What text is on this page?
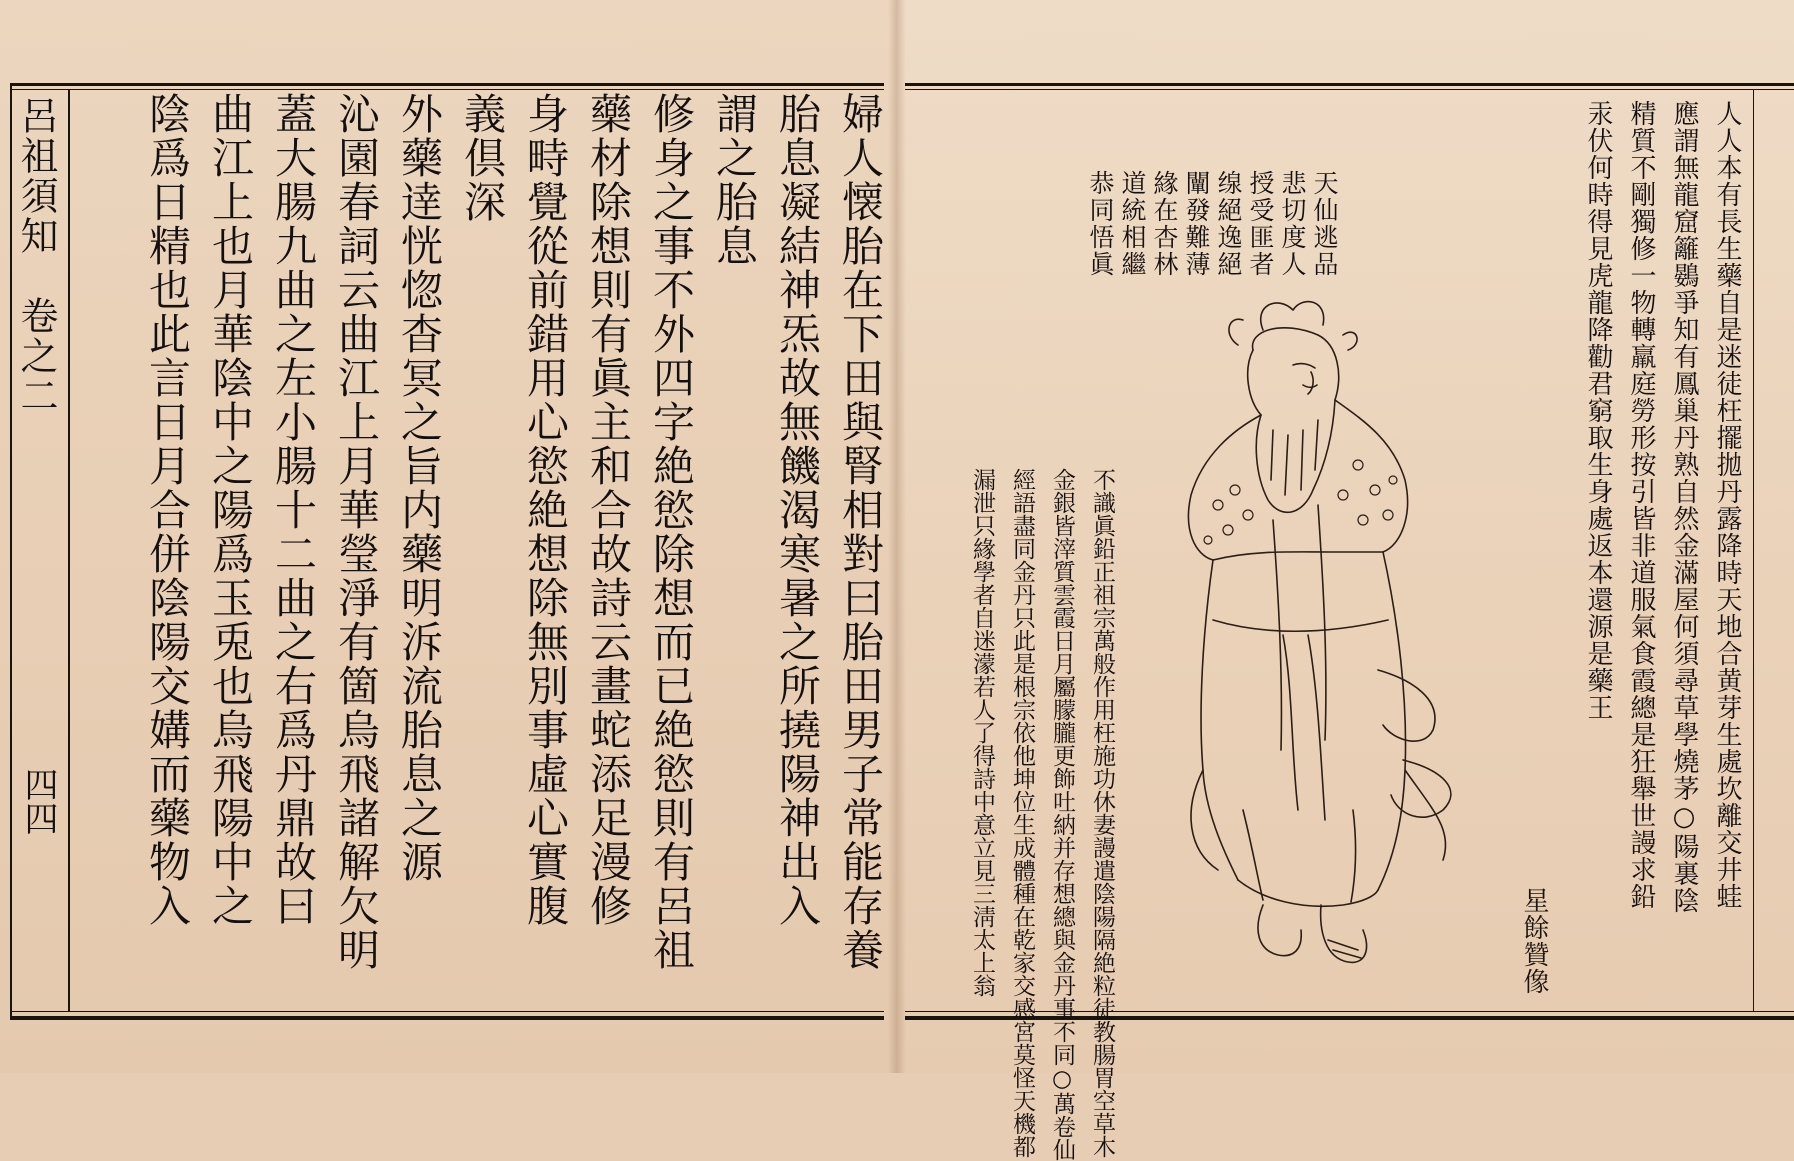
呂祖須知　卷之二
四四	婦人懐胎在下田與腎相對曰胎田男子常能存養
胎息凝結神炁故無饑渴寒暑之所撓陽神出入
謂之胎息
修身之事不外四字絶慾除想而已絶慾則有呂祖
藥材除想則有眞主和合故詩云畫蛇添足漫修
身畤覺從前錯用心慾絶想除無別事虛心實腹
義倶深
外藥逹恍惚杳冥之旨内藥明泝流胎息之源
沁園春詞云曲江上月華瑩淨有箇烏飛諸解欠明
蓋大腸九曲之左小腸十二曲之右爲丹鼎故曰
曲江上也月華陰中之陽爲玉兎也烏飛陽中之
陰爲日精也此言日月合併陰陽交媾而藥物入	人人本有長生藥自是迷徒枉擺拋丹露降時天地合黄芽生處坎離交井蛙
應謂無龍窟籬鷃爭知有鳳巢丹熟自然金滿屋何須尋草學燒茅○陽裏陰
精質不剛獨修一物轉羸庭勞形按引皆非道服氣食霞總是狂舉世謾求鉛
汞伏何時得見虎龍降勸君窮取生身處返本還源是藥王
天仙逃品
悲切度人
授受匪者
缐絕逸絕
闡發難薄
緣在杏林
道統相繼
恭同悟眞
不識眞鉛正祖宗萬般作用枉施功休妻謾遣陰陽隔絶粒徒教腸胃空草木
金銀皆滓質雲霞日月屬朦朧更飾吐納并存想總與金丹事不同○萬卷仙
經語盡同金丹只此是根宗依他坤位生成體種在乾家交感宮莫怪天機都
漏泄只緣學者自迷濛若人了得詩中意立見三淸太上翁	星餘贊像
